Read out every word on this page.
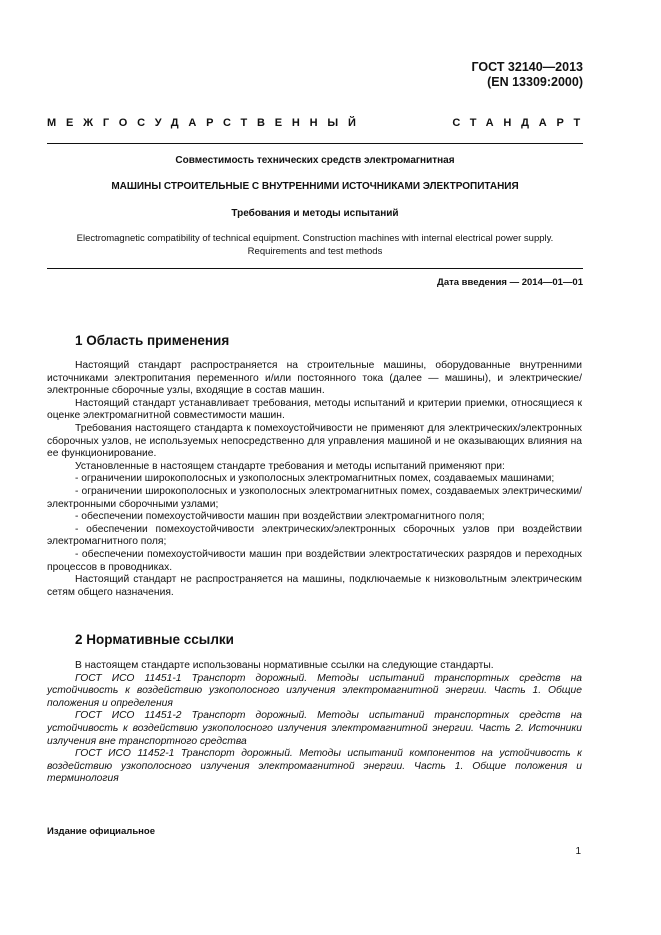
ГОСТ 32140—2013
(EN 13309:2000)
МЕЖГОСУДАРСТВЕННЫЙ	СТАНДАРТ
Совместимость технических средств электромагнитная
МАШИНЫ СТРОИТЕЛЬНЫЕ С ВНУТРЕННИМИ ИСТОЧНИКАМИ ЭЛЕКТРОПИТАНИЯ
Требования и методы испытаний
Electromagnetic compatibility of technical equipment. Construction machines with internal electrical power supply.
Requirements and test methods
Дата введения — 2014—01—01
1 Область применения

Настоящий стандарт распространяется на строительные машины, оборудованные внутренними источниками электропитания переменного и/или постоянного тока (далее — машины), и электрические/электронные сборочные узлы, входящие в состав машин.

Настоящий стандарт устанавливает требования, методы испытаний и критерии приемки, относящиеся к оценке электромагнитной совместимости машин.

Требования настоящего стандарта к помехоустойчивости не применяют для электрических/электронных сборочных узлов, не используемых непосредственно для управления машиной и не оказывающих влияния на ее функционирование.

Установленные в настоящем стандарте требования и методы испытаний применяют при:

- ограничении широкополосных и узкополосных электромагнитных помех, создаваемых машинами;

- ограничении широкополосных и узкополосных электромагнитных помех, создаваемых электрическими/электронными сборочными узлами;

- обеспечении помехоустойчивости машин при воздействии электромагнитного поля;

- обеспечении помехоустойчивости электрических/электронных сборочных узлов при воздействии электромагнитного поля;

- обеспечении помехоустойчивости машин при воздействии электростатических разрядов и переходных процессов в проводниках.

Настоящий стандарт не распространяется на машины, подключаемые к низковольтным электрическим сетям общего назначения.

2 Нормативные ссылки

В настоящем стандарте использованы нормативные ссылки на следующие стандарты.

ГОСТ ИСО 11451-1 Транспорт дорожный. Методы испытаний транспортных средств на устойчивость к воздействию узкополосного излучения электромагнитной энергии. Часть 1. Общие положения и определения

ГОСТ ИСО 11451-2 Транспорт дорожный. Методы испытаний транспортных средств на устойчивость к воздействию узкополосного излучения электромагнитной энергии. Часть 2. Источники излучения вне транспортного средства

ГОСТ ИСО 11452-1 Транспорт дорожный. Методы испытаний компонентов на устойчивость к воздействию узкополосного излучения электромагнитной энергии. Часть 1. Общие положения и терминология

Издание официальное
1
